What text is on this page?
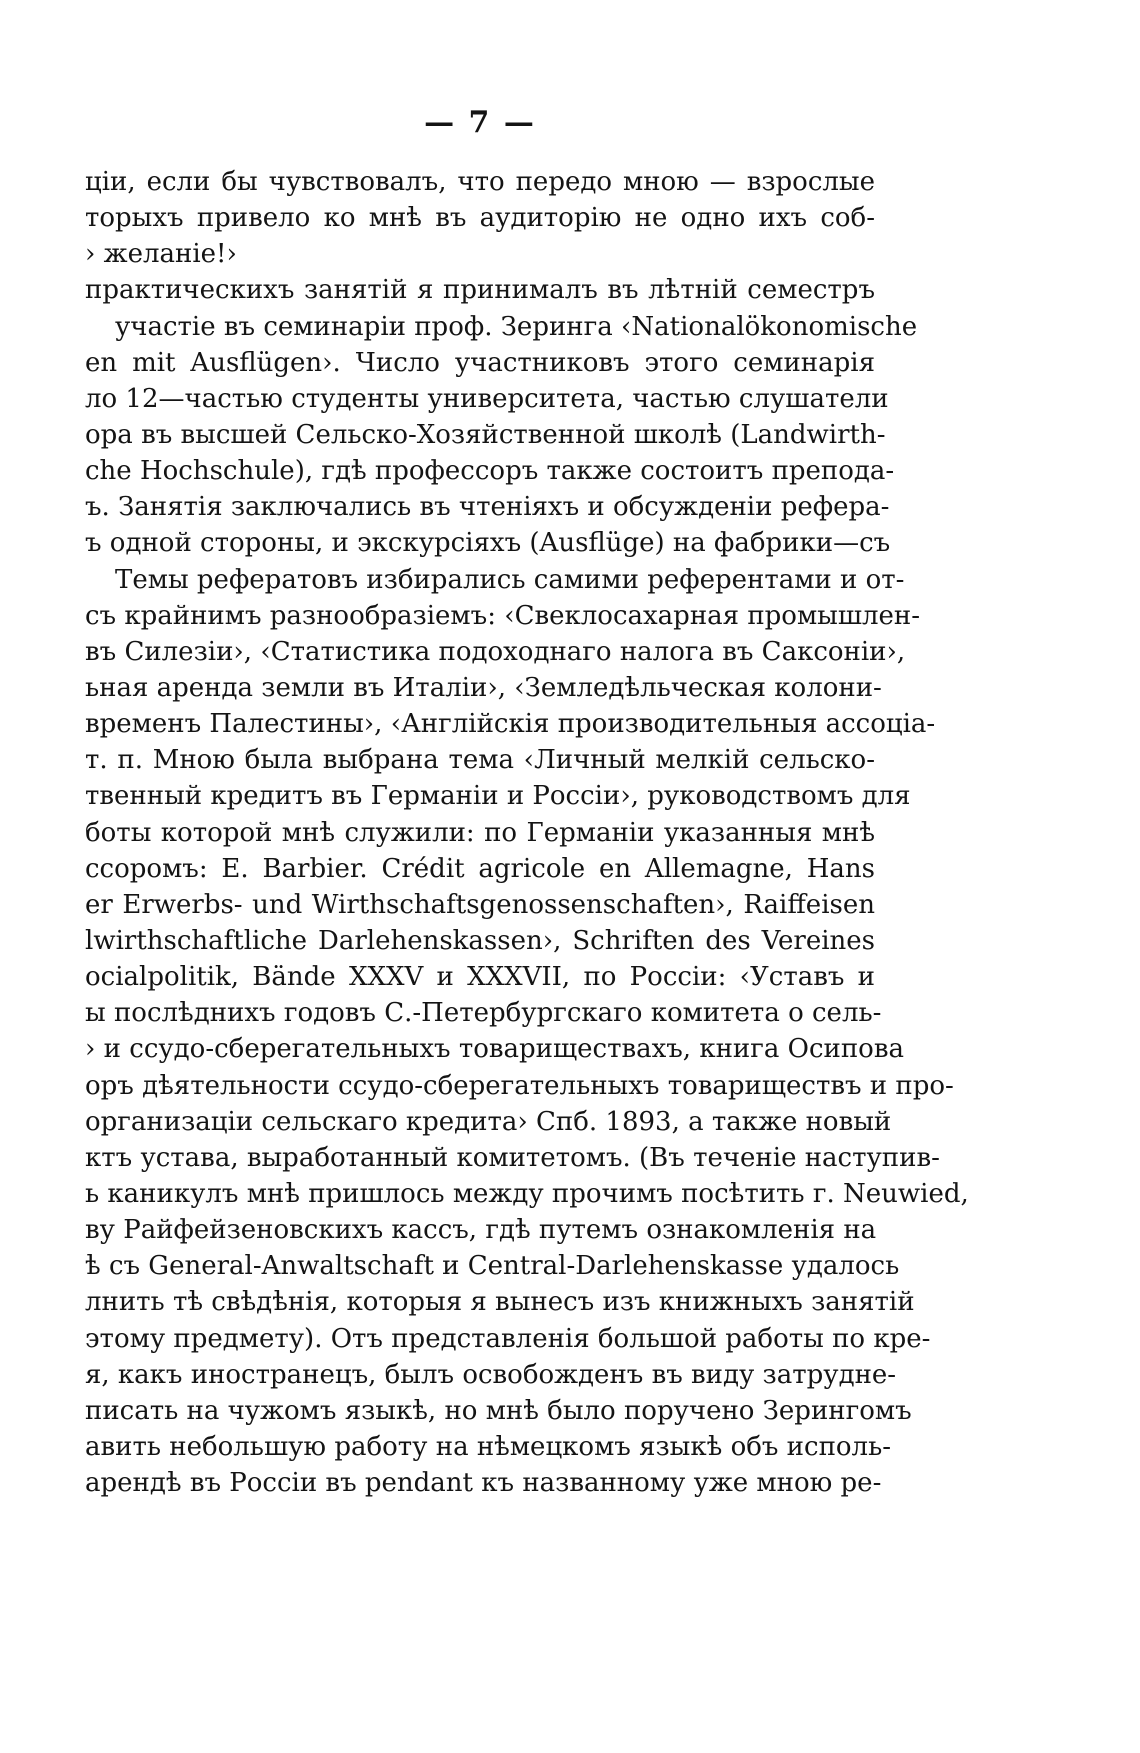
— 7 —
ціи, если бы чувствовалъ, что передо мною — взрослые
торыхъ привело ко мнѣ въ аудиторію не одно ихъ соб-
› желаніе!›
практическихъ занятій я принималъ въ лѣтній семестръ
участіе въ семинаріи проф. Зеринга ‹Nationalökonomische
en mit Ausflügen›. Число участниковъ этого семинарія
ло 12—частью студенты университета, частью слушатели
ора въ высшей Сельско-Хозяйственной школѣ (Landwirth-
che Hochschule), гдѣ профессоръ также состоитъ препода-
ъ. Занятія заключались въ чтеніяхъ и обсужденіи рефера-
ъ одной стороны, и экскурсіяхъ (Ausflüge) на фабрики—съ
Темы рефератовъ избирались самими референтами и от-
съ крайнимъ разнообразіемъ: ‹Свеклосахарная промышлен-
въ Силезіи›, ‹Статистика подоходнаго налога въ Саксоніи›,
ьная аренда земли въ Италіи›, ‹Земледѣльческая колони-
временъ Палестины›, ‹Англійскія производительныя ассоціа-
т. п. Мною была выбрана тема ‹Личный мелкій сельско-
твенный кредитъ въ Германіи и Россіи›, руководствомъ для
боты которой мнѣ служили: по Германіи указанныя мнѣ
ссоромъ: E. Barbier. Crédit agricole en Allemagne, Hans
er Erwerbs- und Wirthschaftsgenossenschaften›, Raiffeisen
lwirthschaftliche Darlehenskassen›, Schriften des Vereines
ocialpolitik, Bände XXXV и XXXVII, по Россіи: ‹Уставъ и
ы послѣднихъ годовъ С.-Петербургскаго комитета о сель-
› и ссудо-сберегательныхъ товариществахъ, книга Осипова
оръ дѣятельности ссудо-сберегательныхъ товариществъ и про-
организаціи сельскаго кредита› Спб. 1893, а также новый
ктъ устава, выработанный комитетомъ. (Въ теченіе наступив-
ь каникулъ мнѣ пришлось между прочимъ посѣтить г. Neuwied,
ву Райфейзеновскихъ кассъ, гдѣ путемъ ознакомленія на
ѣ съ General-Anwaltschaft и Central-Darlehenskasse удалось
лнить тѣ свѣдѣнія, которыя я вынесъ изъ книжныхъ занятій
этому предмету). Отъ представленія большой работы по кре-
я, какъ иностранецъ, былъ освобожденъ въ виду затрудне-
писать на чужомъ языкѣ, но мнѣ было поручено Зерингомъ
авить небольшую работу на нѣмецкомъ языкѣ объ исполь-
арендѣ въ Россіи въ pendant къ названному уже мною ре-
